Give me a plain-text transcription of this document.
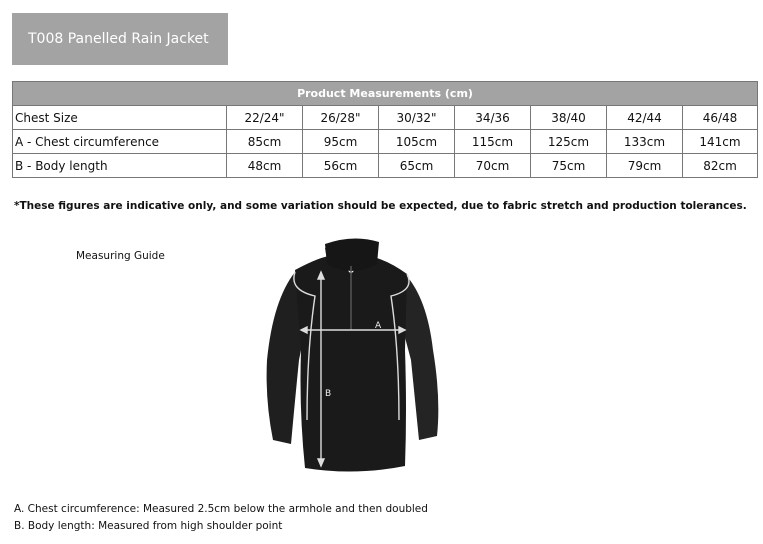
T008 Panelled Rain Jacket
Product Measurements (cm)							
Chest Size	22/24"	26/28"	30/32"	34/36	38/40	42/44	46/48
A - Chest circumference	85cm	95cm	105cm	115cm	125cm	133cm	141cm
B - Body length	48cm	56cm	65cm	70cm	75cm	79cm	82cm
*These figures are indicative only, and some variation should be expected, due to fabric stretch and production tolerances.
Measuring Guide
A
B
A. Chest circumference: Measured 2.5cm below the armhole and then doubled
B. Body length: Measured from high shoulder point
